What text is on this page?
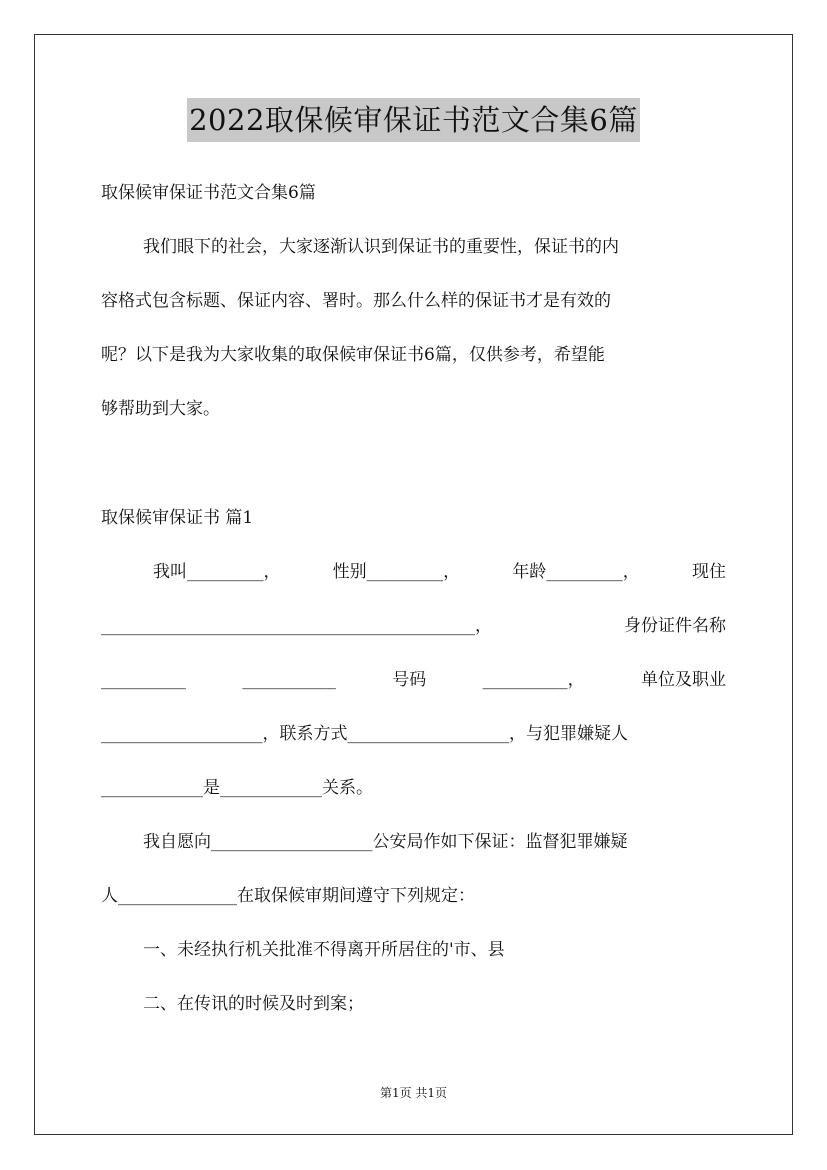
2022取保候审保证书范文合集6篇
取保候审保证书范文合集6篇
我们眼下的社会，大家逐渐认识到保证书的重要性，保证书的内
容格式包含标题、保证内容、署时。那么什么样的保证书才是有效的
呢？以下是我为大家收集的取保候审保证书6篇，仅供参考，希望能
够帮助到大家。
取保候审保证书 篇1
我叫_________，	性别_________，	年龄_________，	现住
____________________________________________，	身份证件名称
__________	___________	号码	__________，	单位及职业
___________________，联系方式___________________，与犯罪嫌疑人
____________是____________关系。
我自愿向___________________公安局作如下保证：监督犯罪嫌疑
人______________在取保候审期间遵守下列规定：
一、未经执行机关批准不得离开所居住的'市、县
二、在传讯的时候及时到案；
第1页 共1页
